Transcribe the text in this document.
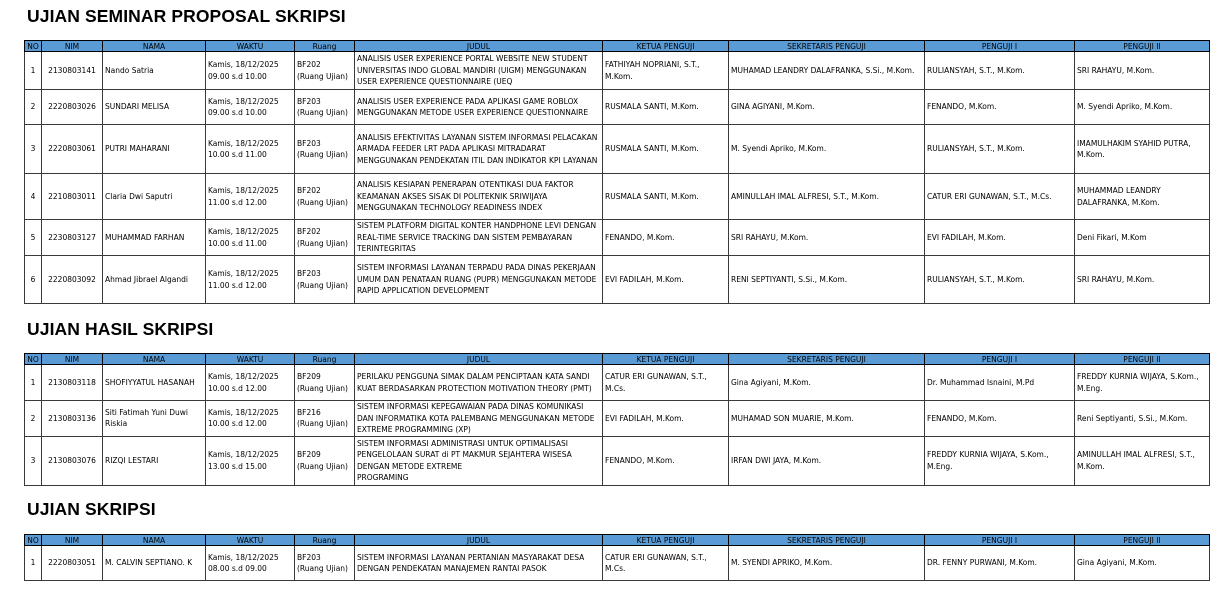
UJIAN SEMINAR PROPOSAL SKRIPSI
NO	NIM	NAMA	WAKTU	Ruang	JUDUL	KETUA PENGUJI	SEKRETARIS PENGUJI	PENGUJI I	PENGUJI II
1	2130803141	Nando Satria	Kamis, 18/12/2025
09.00 s.d 10.00	BF202
(Ruang Ujian)	ANALISIS USER EXPERIENCE PORTAL WEBSITE NEW STUDENT UNIVERSITAS INDO GLOBAL MANDIRI (UIGM) MENGGUNAKAN USER EXPERIENCE QUESTIONNAIRE (UEQ	FATHIYAH NOPRIANI, S.T., M.Kom.	MUHAMAD LEANDRY DALAFRANKA, S.Si., M.Kom.	RULIANSYAH, S.T., M.Kom.	SRI RAHAYU, M.Kom.
2	2220803026	SUNDARI MELISA	Kamis, 18/12/2025
09.00 s.d 10.00	BF203
(Ruang Ujian)	ANALISIS USER EXPERIENCE PADA APLIKASI GAME ROBLOX MENGGUNAKAN METODE USER EXPERIENCE QUESTIONNAIRE	RUSMALA SANTI, M.Kom.	GINA AGIYANI, M.Kom.	FENANDO, M.Kom.	M. Syendi Apriko, M.Kom.
3	2220803061	PUTRI MAHARANI	Kamis, 18/12/2025
10.00 s.d 11.00	BF203
(Ruang Ujian)	ANALISIS EFEKTIVITAS LAYANAN SISTEM INFORMASI PELACAKAN ARMADA FEEDER LRT PADA APLIKASI MITRADARAT MENGGUNAKAN PENDEKATAN ITIL DAN INDIKATOR KPI LAYANAN	RUSMALA SANTI, M.Kom.	M. Syendi Apriko, M.Kom.	RULIANSYAH, S.T., M.Kom.	IMAMULHAKIM SYAHID PUTRA, M.Kom.
4	2210803011	Claria Dwi Saputri	Kamis, 18/12/2025
11.00 s.d 12.00	BF202
(Ruang Ujian)	ANALISIS KESIAPAN PENERAPAN OTENTIKASI DUA FAKTOR KEAMANAN AKSES SISAK DI POLITEKNIK SRIWIJAYA MENGGUNAKAN TECHNOLOGY READINESS INDEX	RUSMALA SANTI, M.Kom.	AMINULLAH IMAL ALFRESI, S.T., M.Kom.	CATUR ERI GUNAWAN, S.T., M.Cs.	MUHAMMAD LEANDRY DALAFRANKA, M.Kom.
5	2230803127	MUHAMMAD FARHAN	Kamis, 18/12/2025
10.00 s.d 11.00	BF202
(Ruang Ujian)	SISTEM PLATFORM DIGITAL KONTER HANDPHONE LEVI DENGAN REAL-TIME SERVICE TRACKING DAN SISTEM PEMBAYARAN TERINTEGRITAS	FENANDO, M.Kom.	SRI RAHAYU, M.Kom.	EVI FADILAH, M.Kom.	Deni Fikari, M.Kom
6	2220803092	Ahmad Jibrael Algandi	Kamis, 18/12/2025
11.00 s.d 12.00	BF203
(Ruang Ujian)	SISTEM INFORMASI LAYANAN TERPADU PADA DINAS PEKERJAAN UMUM DAN PENATAAN RUANG (PUPR) MENGGUNAKAN METODE RAPID APPLICATION DEVELOPMENT	EVI FADILAH, M.Kom.	RENI SEPTIYANTI, S.Si., M.Kom.	RULIANSYAH, S.T., M.Kom.	SRI RAHAYU, M.Kom.
UJIAN HASIL SKRIPSI
NO	NIM	NAMA	WAKTU	Ruang	JUDUL	KETUA PENGUJI	SEKRETARIS PENGUJI	PENGUJI I	PENGUJI II
1	2130803118	SHOFIYYATUL HASANAH	Kamis, 18/12/2025
10.00 s.d 12.00	BF209
(Ruang Ujian)	PERILAKU PENGGUNA SIMAK DALAM PENCIPTAAN KATA SANDI KUAT BERDASARKAN PROTECTION MOTIVATION THEORY (PMT)	CATUR ERI GUNAWAN, S.T., M.Cs.	Gina Agiyani, M.Kom.	Dr. Muhammad Isnaini, M.Pd	FREDDY KURNIA WIJAYA, S.Kom., M.Eng.
2	2130803136	Siti Fatimah Yuni Duwi Riskia	Kamis, 18/12/2025
10.00 s.d 12.00	BF216
(Ruang Ujian)	SISTEM INFORMASI KEPEGAWAIAN PADA DINAS KOMUNIKASI DAN INFORMATIKA KOTA PALEMBANG MENGGUNAKAN METODE EXTREME PROGRAMMING (XP)	EVI FADILAH, M.Kom.	MUHAMAD SON MUARIE, M.Kom.	FENANDO, M.Kom.	Reni Septiyanti, S.Si., M.Kom.
3	2130803076	RIZQI LESTARI	Kamis, 18/12/2025
13.00 s.d 15.00	BF209
(Ruang Ujian)	SISTEM INFORMASI ADMINISTRASI UNTUK OPTIMALISASI PENGELOLAAN SURAT di PT MAKMUR SEJAHTERA WISESA DENGAN METODE EXTREME
PROGRAMING	FENANDO, M.Kom.	IRFAN DWI JAYA, M.Kom.	FREDDY KURNIA WIJAYA, S.Kom., M.Eng.	AMINULLAH IMAL ALFRESI, S.T., M.Kom.
UJIAN SKRIPSI
NO	NIM	NAMA	WAKTU	Ruang	JUDUL	KETUA PENGUJI	SEKRETARIS PENGUJI	PENGUJI I	PENGUJI II
1	2220803051	M. CALVIN SEPTIANO. K	Kamis, 18/12/2025
08.00 s.d 09.00	BF203
(Ruang Ujian)	SISTEM INFORMASI LAYANAN PERTANIAN MASYARAKAT DESA DENGAN PENDEKATAN MANAJEMEN RANTAI PASOK	CATUR ERI GUNAWAN, S.T., M.Cs.	M. SYENDI APRIKO, M.Kom.	DR. FENNY PURWANI, M.Kom.	Gina Agiyani, M.Kom.
